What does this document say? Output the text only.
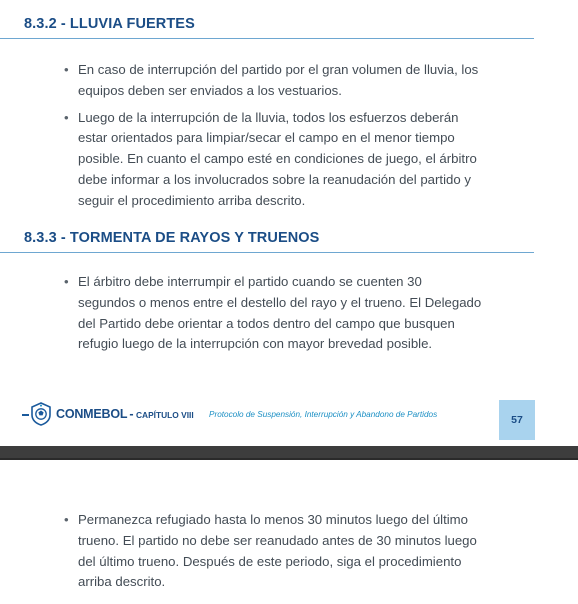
8.3.2 - LLUVIA FUERTES
• En caso de interrupción del partido por el gran volumen de lluvia, los
equipos deben ser enviados a los vestuarios.
• Luego de la interrupción de la lluvia, todos los esfuerzos deberán
estar orientados para limpiar/secar el campo en el menor tiempo
posible. En cuanto el campo esté en condiciones de juego, el árbitro
debe informar a los involucrados sobre la reanudación del partido y
seguir el procedimiento arriba descrito.
8.3.3 - TORMENTA DE RAYOS Y TRUENOS
• El árbitro debe interrumpir el partido cuando se cuenten 30
segundos o menos entre el destello del rayo y el trueno. El Delegado
del Partido debe orientar a todos dentro del campo que busquen
refugio luego de la interrupción con mayor brevedad posible.
CONMEBOL - CAPÍTULO VIII Protocolo de Suspensión, Interrupción y Abandono de Partidos	57
• Permanezca refugiado hasta lo menos 30 minutos luego del último
trueno. El partido no debe ser reanudado antes de 30 minutos luego
del último trueno. Después de este periodo, siga el procedimiento
arriba descrito.
